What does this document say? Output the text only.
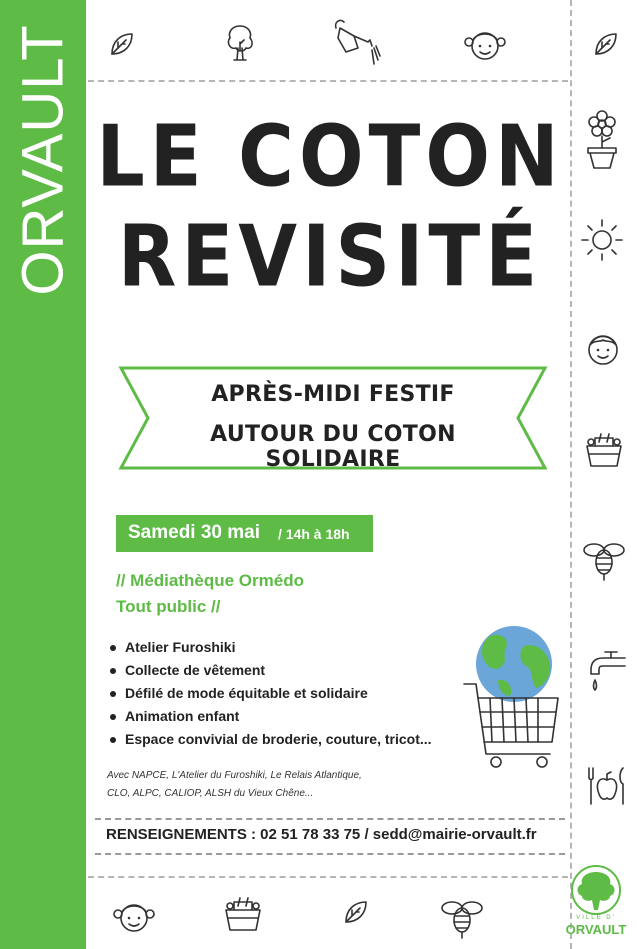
ORVAULT LE COTON
REVISITÉ
APRÈS-MIDI FESTIF
AUTOUR DU COTON SOLIDAIRE
Samedi 30 mai / 14h à 18h
// Médiathèque Ormédo
Tout public //
Atelier Furoshiki
Collecte de vêtement
Défilé de mode équitable et solidaire
Animation enfant
Espace convivial de broderie, couture, tricot...
Avec NAPCE, L'Atelier du Furoshiki, Le Relais Atlantique,
CLO, ALPC, CALIOP, ALSH du Vieux Chêne...
RENSEIGNEMENTS : 02 51 78 33 75 / sedd@mairie-orvault.fr
VILLE D'
ORVAULT
